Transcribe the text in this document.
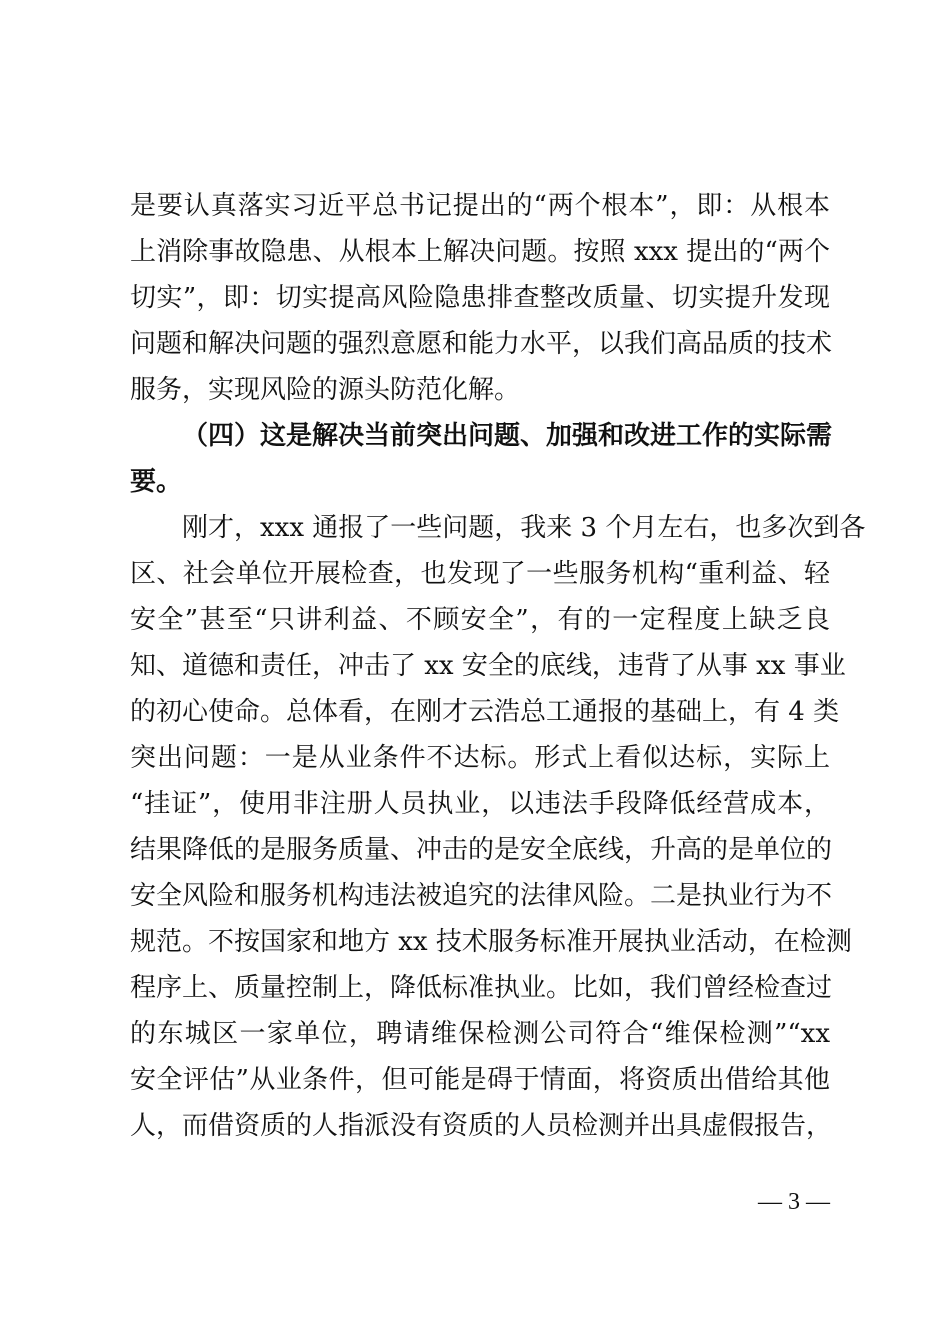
是要认真落实习近平总书记提出的“两个根本”，即：从根本
上消除事故隐患、从根本上解决问题。按照 xxx 提出的“两个
切实”，即：切实提高风险隐患排查整改质量、切实提升发现
问题和解决问题的强烈意愿和能力水平，以我们高品质的技术
服务，实现风险的源头防范化解。
（四）这是解决当前突出问题、加强和改进工作的实际需
要。
刚才，xxx 通报了一些问题，我来 3 个月左右，也多次到各
区、社会单位开展检查，也发现了一些服务机构“重利益、轻
安全”甚至“只讲利益、不顾安全”，有的一定程度上缺乏良
知、道德和责任，冲击了 xx 安全的底线，违背了从事 xx 事业
的初心使命。总体看，在刚才云浩总工通报的基础上，有 4 类
突出问题：一是从业条件不达标。形式上看似达标，实际上
“挂证”，使用非注册人员执业，以违法手段降低经营成本，
结果降低的是服务质量、冲击的是安全底线，升高的是单位的
安全风险和服务机构违法被追究的法律风险。二是执业行为不
规范。不按国家和地方 xx 技术服务标准开展执业活动，在检测
程序上、质量控制上，降低标准执业。比如，我们曾经检查过
的东城区一家单位，聘请维保检测公司符合“维保检测”“xx
安全评估”从业条件，但可能是碍于情面，将资质出借给其他
人，而借资质的人指派没有资质的人员检测并出具虚假报告，
— 3 —
